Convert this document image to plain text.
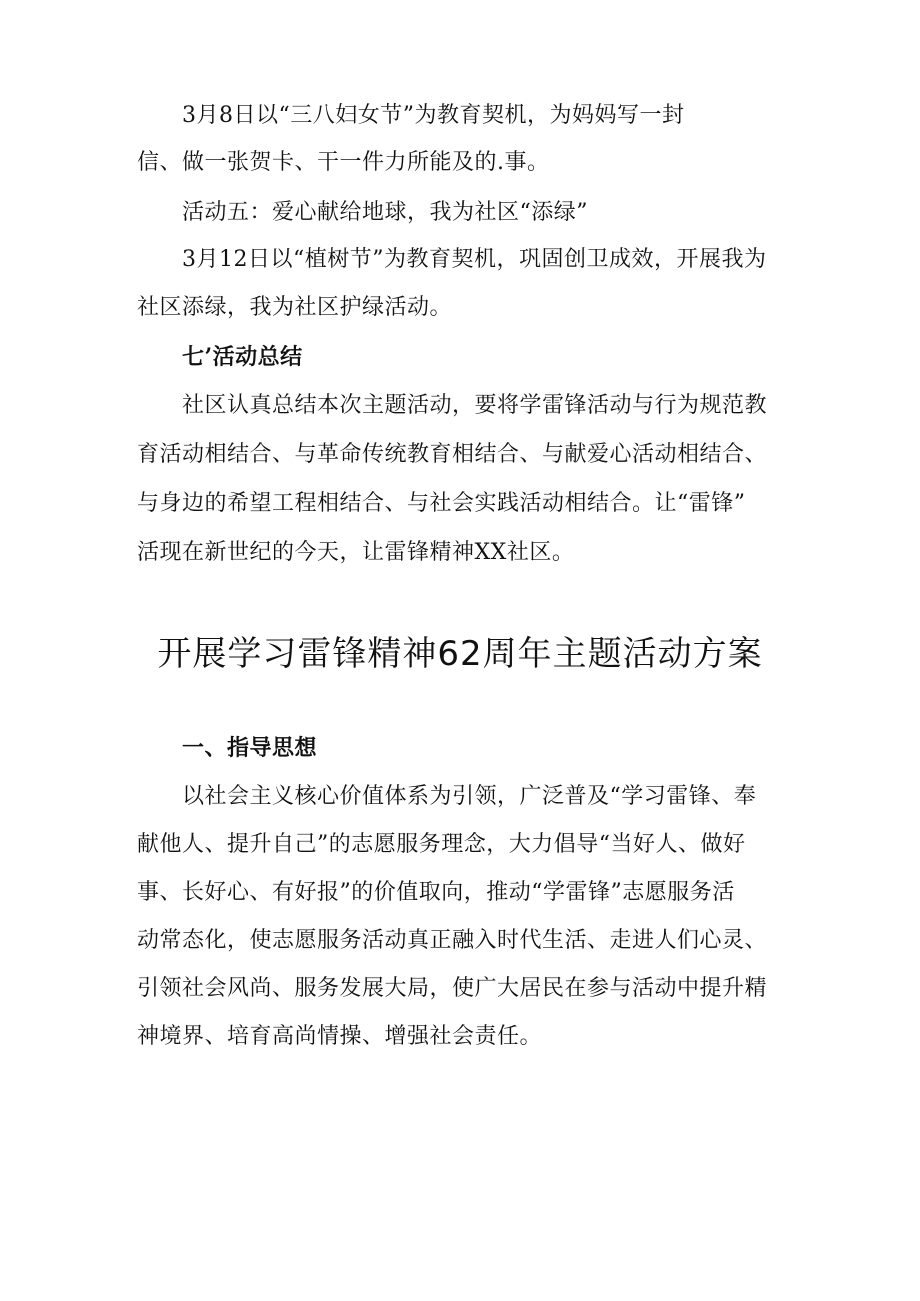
3月8日以“三八妇女节”为教育契机，为妈妈写一封
信、做一张贺卡、干一件力所能及的.事。
活动五：爱心献给地球，我为社区“添绿”
3月12日以“植树节”为教育契机，巩固创卫成效，开展我为
社区添绿，我为社区护绿活动。
七’活动总结
社区认真总结本次主题活动，要将学雷锋活动与行为规范教
育活动相结合、与革命传统教育相结合、与献爱心活动相结合、
与身边的希望工程相结合、与社会实践活动相结合。让“雷锋”
活现在新世纪的今天，让雷锋精神XX社区。
开展学习雷锋精神62周年主题活动方案
一、指导思想
以社会主义核心价值体系为引领，广泛普及“学习雷锋、奉
献他人、提升自己”的志愿服务理念，大力倡导“当好人、做好
事、长好心、有好报”的价值取向，推动“学雷锋”志愿服务活
动常态化，使志愿服务活动真正融入时代生活、走进人们心灵、
引领社会风尚、服务发展大局，使广大居民在参与活动中提升精
神境界、培育高尚情操、增强社会责任。
